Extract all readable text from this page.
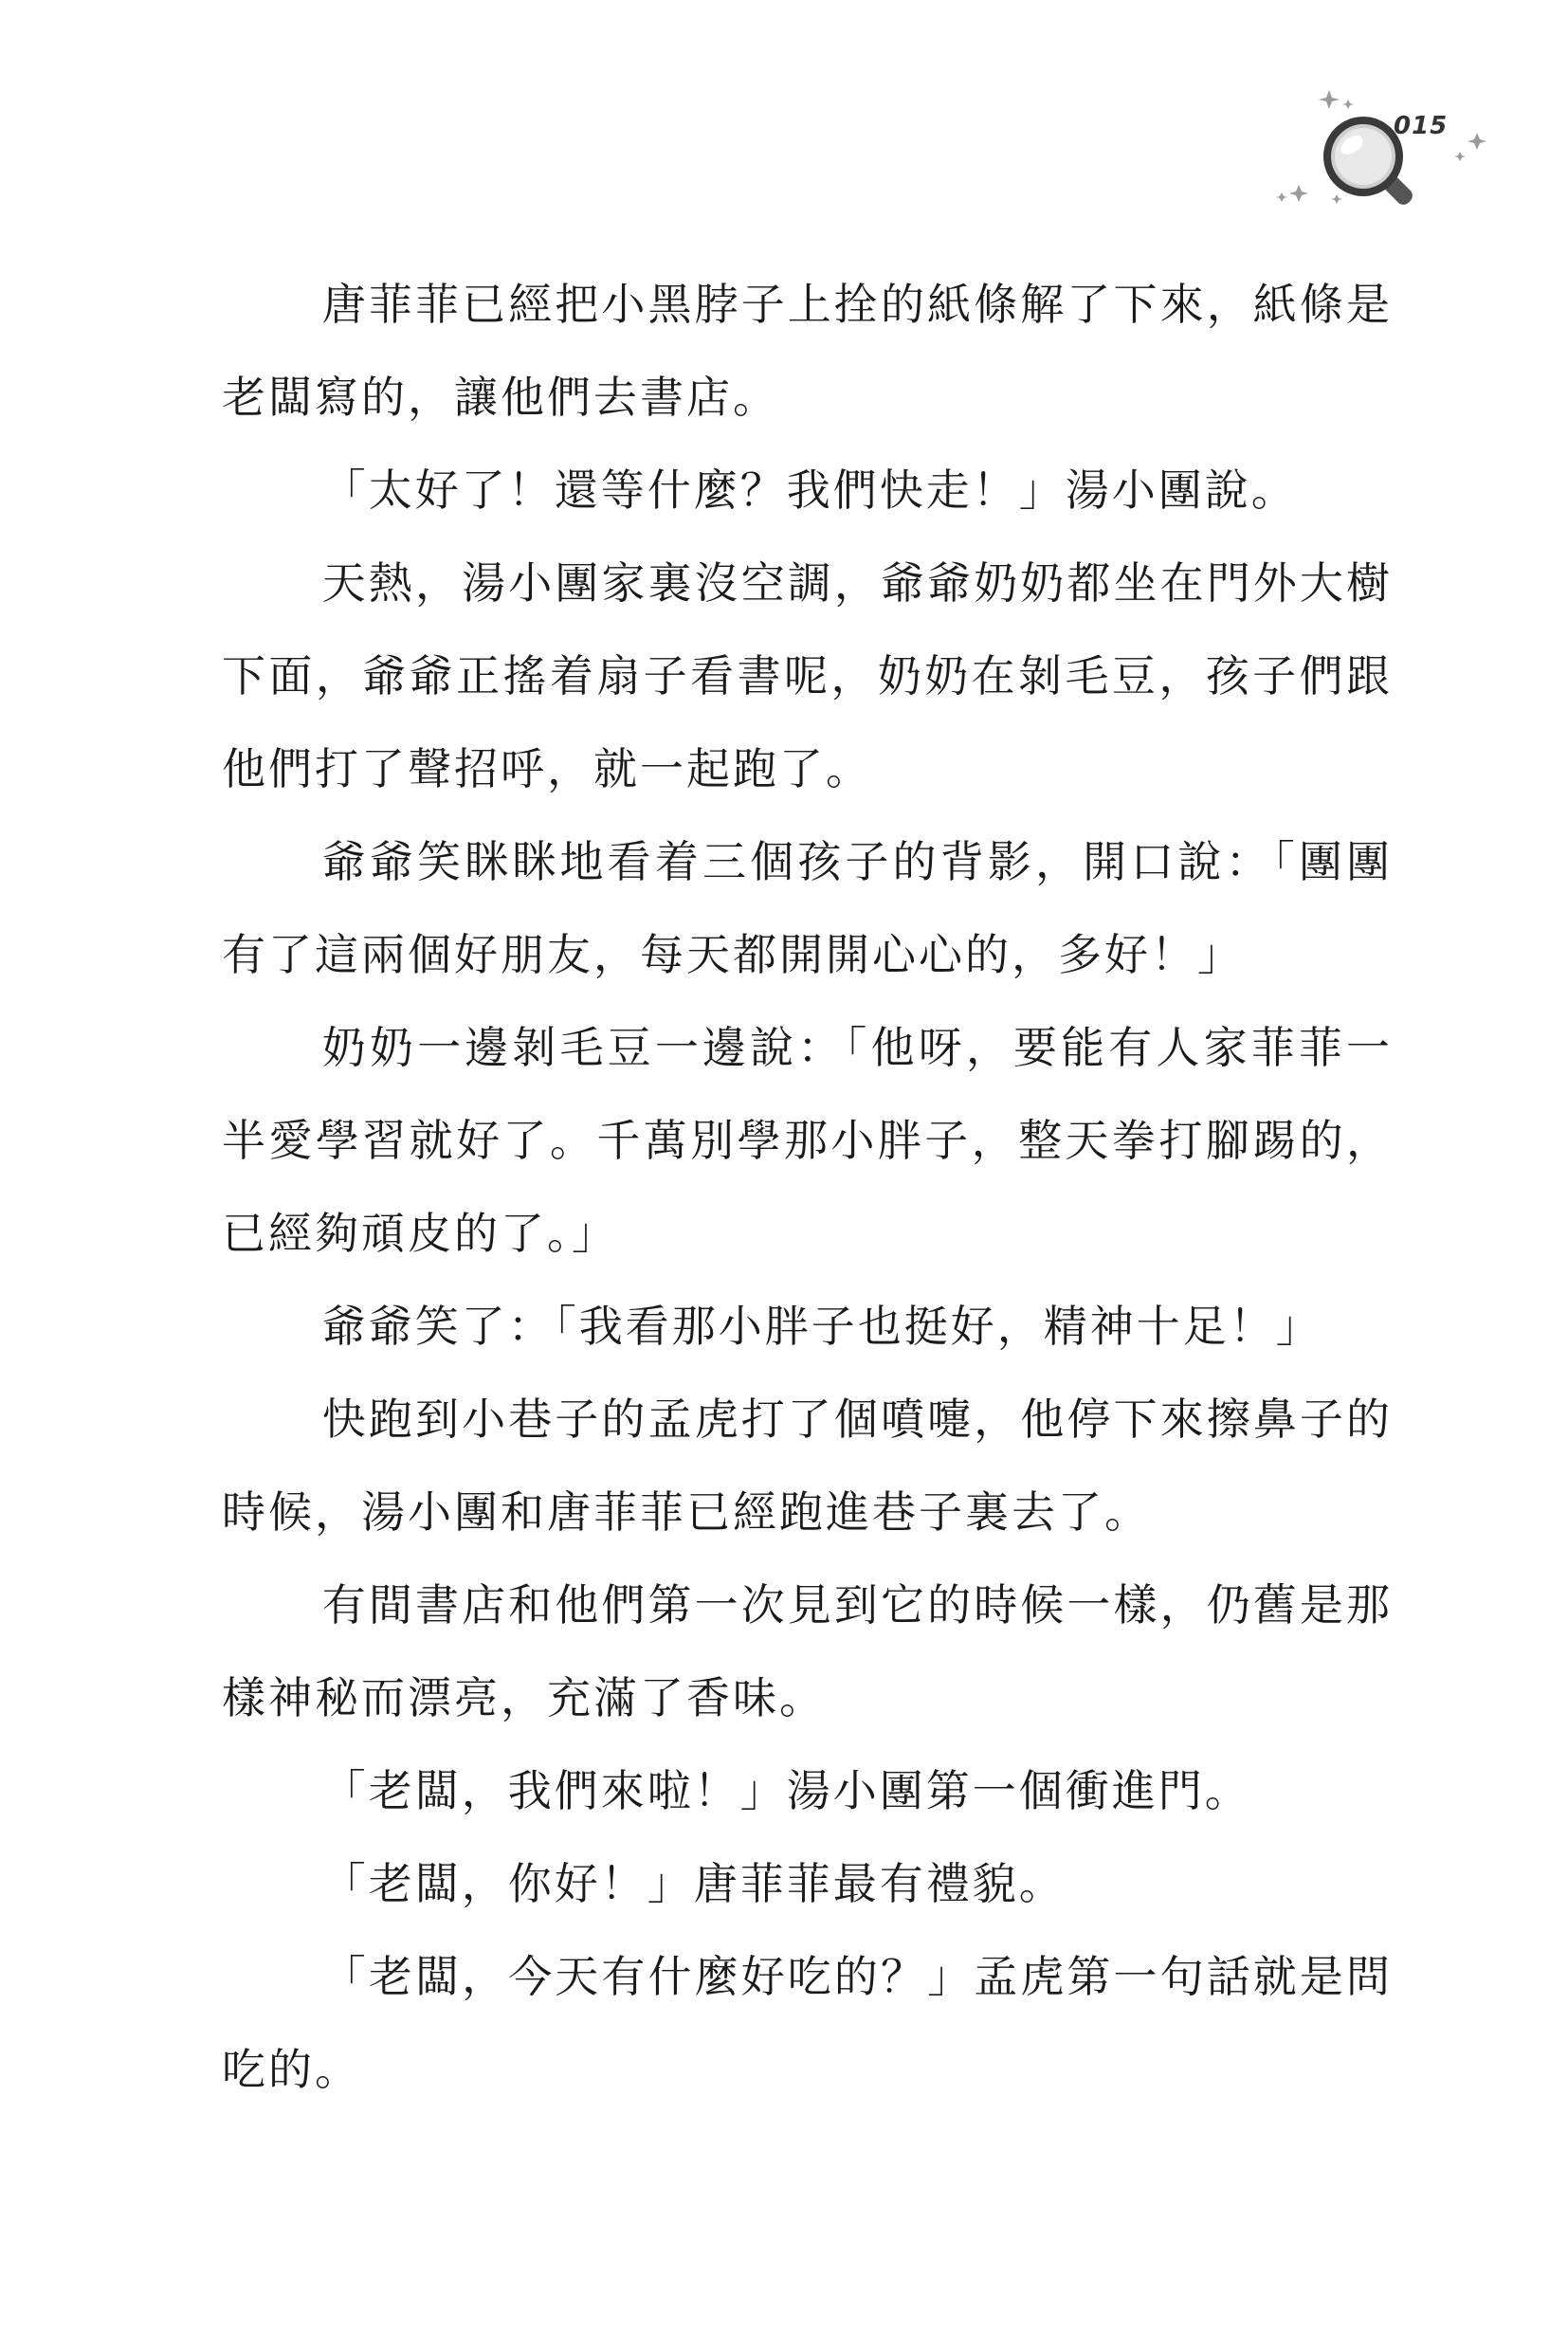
015

唐菲菲已經把小黑脖子上拴的紙條解了下來，紙條是老闆寫的，讓他們去書店。

「太好了！還等什麼？我們快走！」湯小團說。

天熱，湯小團家裏沒空調，爺爺奶奶都坐在門外大樹下面，爺爺正搖着扇子看書呢，奶奶在剝毛豆，孩子們跟他們打了聲招呼，就一起跑了。

爺爺笑眯眯地看着三個孩子的背影，開口說：「團團有了這兩個好朋友，每天都開開心心的，多好！」

奶奶一邊剝毛豆一邊說：「他呀，要能有人家菲菲一半愛學習就好了。千萬別學那小胖子，整天拳打腳踢的，已經夠頑皮的了。」

爺爺笑了：「我看那小胖子也挺好，精神十足！」

快跑到小巷子的孟虎打了個噴嚏，他停下來擦鼻子的時候，湯小團和唐菲菲已經跑進巷子裏去了。

有間書店和他們第一次見到它的時候一樣，仍舊是那樣神秘而漂亮，充滿了香味。

「老闆，我們來啦！」湯小團第一個衝進門。

「老闆，你好！」唐菲菲最有禮貌。

「老闆，今天有什麼好吃的？」孟虎第一句話就是問吃的。
